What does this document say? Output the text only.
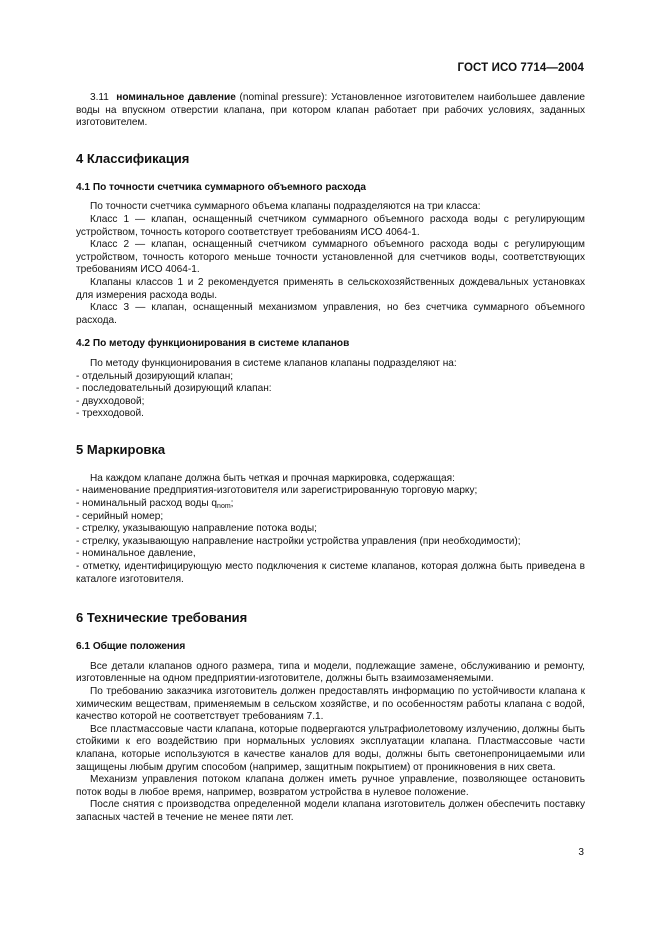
ГОСТ ИСО 7714—2004

3.11 номинальное давление (nominal pressure): Установленное изготовителем наибольшее давление воды на впускном отверстии клапана, при котором клапан работает при рабочих условиях, заданных изготовителем.

4 Классификация
4.1 По точности счетчика суммарного объемного расхода

По точности счетчика суммарного объема клапаны подразделяются на три класса:

Класс 1 — клапан, оснащенный счетчиком суммарного объемного расхода воды с регулирующим устройством, точность которого соответствует требованиям ИСО 4064-1.

Класс 2 — клапан, оснащенный счетчиком суммарного объемного расхода воды с регулирующим устройством, точность которого меньше точности установленной для счетчиков воды, соответствующих требованиям ИСО 4064-1.

Клапаны классов 1 и 2 рекомендуется применять в сельскохозяйственных дождевальных установках для измерения расхода воды.

Класс 3 — клапан, оснащенный механизмом управления, но без счетчика суммарного объемного расхода.

4.2 По методу функционирования в системе клапанов

По методу функционирования в системе клапанов клапаны подразделяют на:

- отдельный дозирующий клапан;

- последовательный дозирующий клапан:

- двухходовой;

- трехходовой.

5 Маркировка

На каждом клапане должна быть четкая и прочная маркировка, содержащая:

- наименование предприятия-изготовителя или зарегистрированную торговую марку;

- номинальный расход воды $q_{nom}$;

- серийный номер;

- стрелку, указывающую направление потока воды;

- стрелку, указывающую направление настройки устройства управления (при необходимости);

- номинальное давление,

- отметку, идентифицирующую место подключения к системе клапанов, которая должна быть приведена в каталоге изготовителя.

6 Технические требования
6.1 Общие положения

Все детали клапанов одного размера, типа и модели, подлежащие замене, обслуживанию и ремонту, изготовленные на одном предприятии-изготовителе, должны быть взаимозаменяемыми.

По требованию заказчика изготовитель должен предоставлять информацию по устойчивости клапана к химическим веществам, применяемым в сельском хозяйстве, и по особенностям работы клапана с водой, качество которой не соответствует требованиям 7.1.

Все пластмассовые части клапана, которые подвергаются ультрафиолетовому излучению, должны быть стойкими к его воздействию при нормальных условиях эксплуатации клапана. Пластмассовые части клапана, которые используются в качестве каналов для воды, должны быть светонепроницаемыми или защищены любым другим способом (например, защитным покрытием) от проникновения в них света.

Механизм управления потоком клапана должен иметь ручное управление, позволяющее остановить поток воды в любое время, например, возвратом устройства в нулевое положение.

После снятия с производства определенной модели клапана изготовитель должен обеспечить поставку запасных частей в течение не менее пяти лет.

3
